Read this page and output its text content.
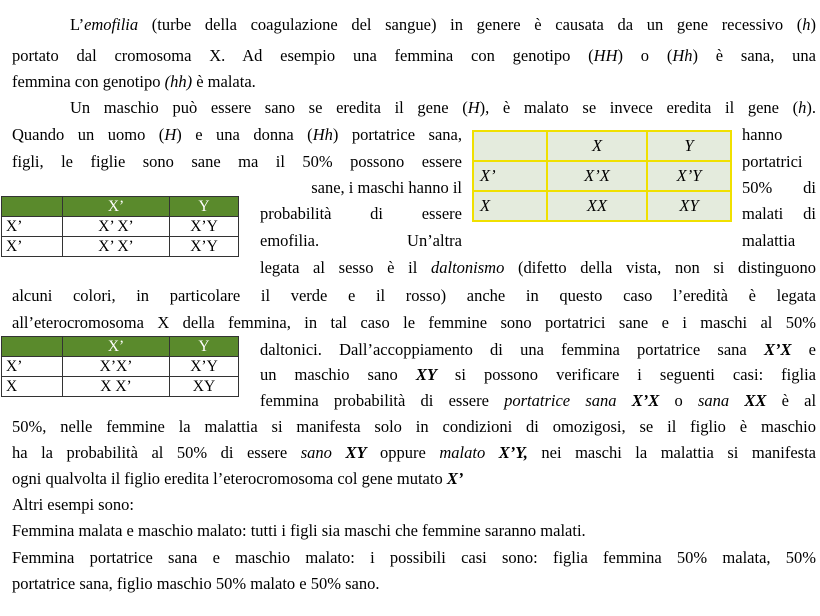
L’emofilia (turbe della coagulazione del sangue) in genere è causata da un gene recessivo (h)
portato dal cromosoma X. Ad esempio una femmina con genotipo (HH) o (Hh) è sana, una
femmina con genotipo (hh) è malata.
Un maschio può essere sano se eredita il gene (H), è malato se invece eredita il gene (h).
Quando un uomo (H) e una donna (Hh) portatrice sana,	hanno
figli, le figlie sono sane ma il 50% possono essere	portatrici
sane, i maschi hanno il	50% di
probabilità di essere	malati di
emofilia. Un’altra	malattia
legata al sesso è il daltonismo (difetto della vista, non si distinguono
alcuni colori, in particolare il verde e il rosso) anche in questo caso l’eredità è legata
all’eterocromosoma X della femmina, in tal caso le femmine sono portatrici sane e i maschi al 50%
daltonici. Dall’accoppiamento di una femmina portatrice sana X’X e
un maschio sano XY si possono verificare i seguenti casi: figlia
femmina probabilità di essere portatrice sana X’X o sana XX è al
50%, nelle femmine la malattia si manifesta solo in condizioni di omozigosi, se il figlio è maschio
ha la probabilità al 50% di essere sano XY oppure malato X’Y, nei maschi la malattia si manifesta
ogni qualvolta il figlio eredita l’eterocromosoma col gene mutato X’
Altri esempi sono:
Femmina malata e maschio malato: tutti i figli sia maschi che femmine saranno malati.
Femmina portatrice sana e maschio malato: i possibili casi sono: figlia femmina 50% malata, 50%
portatrice sana, figlio maschio 50% malato e 50% sano.
	X	Y
X’	X’X	X’Y
X	XX	XY
	X’	Y
X’	X’ X’	X’Y
X’	X’ X’	X’Y
	X’	Y
X’	X’X’	X’Y
X	X X’	XY
